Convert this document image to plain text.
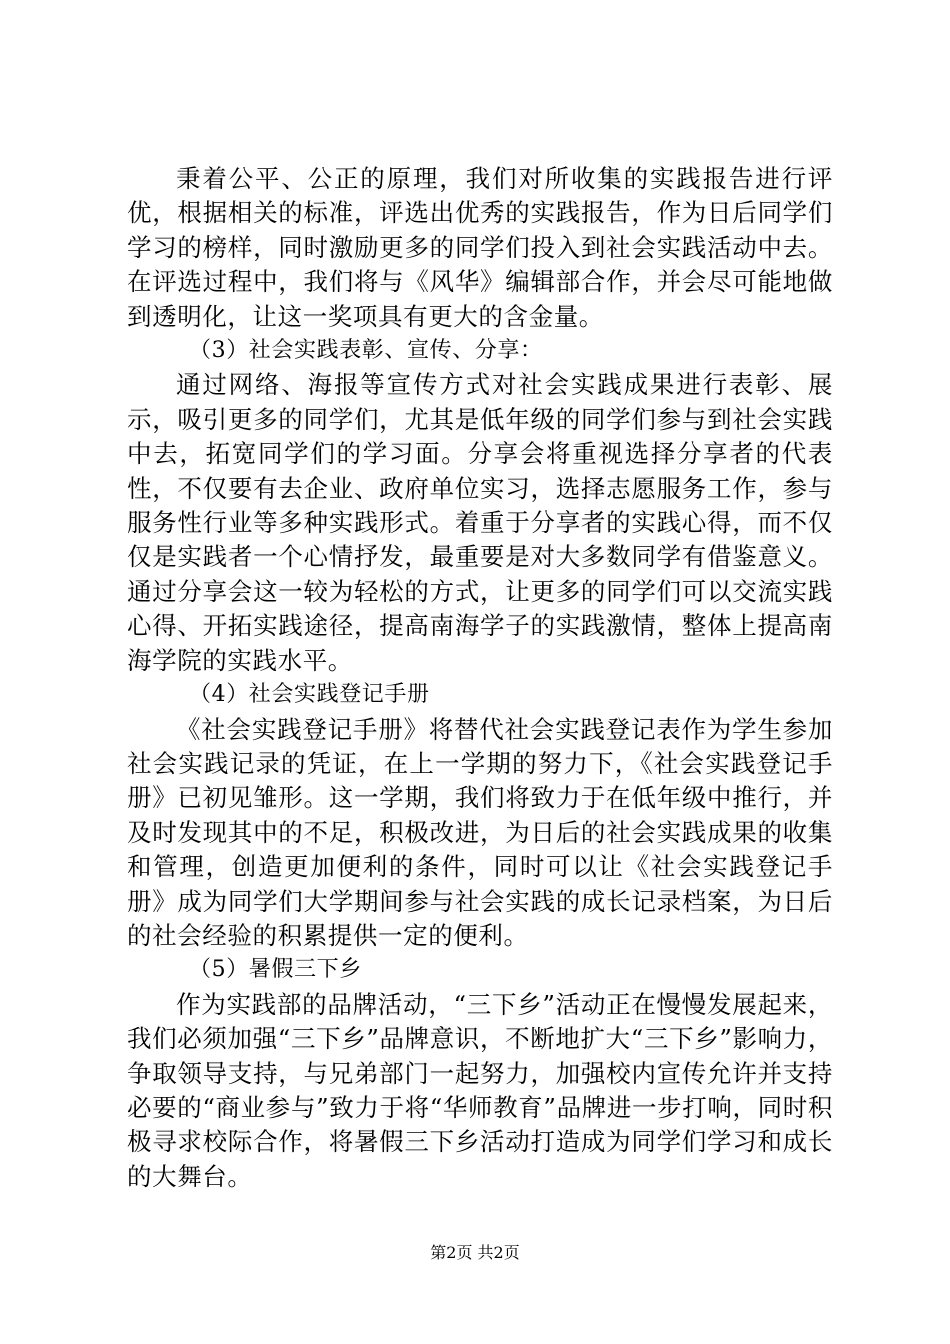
秉着公平、公正的原理，我们对所收集的实践报告进行评优，根据相关的标准，评选出优秀的实践报告，作为日后同学们学习的榜样，同时激励更多的同学们投入到社会实践活动中去。在评选过程中，我们将与《风华》编辑部合作，并会尽可能地做到透明化，让这一奖项具有更大的含金量。

（3）社会实践表彰、宣传、分享：

通过网络、海报等宣传方式对社会实践成果进行表彰、展示，吸引更多的同学们，尤其是低年级的同学们参与到社会实践中去，拓宽同学们的学习面。分享会将重视选择分享者的代表性，不仅要有去企业、政府单位实习，选择志愿服务工作，参与服务性行业等多种实践形式。着重于分享者的实践心得，而不仅仅是实践者一个心情抒发，最重要是对大多数同学有借鉴意义。通过分享会这一较为轻松的方式，让更多的同学们可以交流实践心得、开拓实践途径，提高南海学子的实践激情，整体上提高南海学院的实践水平。

（4）社会实践登记手册

《社会实践登记手册》将替代社会实践登记表作为学生参加社会实践记录的凭证，在上一学期的努力下，《社会实践登记手册》已初见雏形。这一学期，我们将致力于在低年级中推行，并及时发现其中的不足，积极改进，为日后的社会实践成果的收集和管理，创造更加便利的条件，同时可以让《社会实践登记手册》成为同学们大学期间参与社会实践的成长记录档案，为日后的社会经验的积累提供一定的便利。

（5）暑假三下乡

作为实践部的品牌活动，“三下乡”活动正在慢慢发展起来，我们必须加强“三下乡”品牌意识，不断地扩大“三下乡”影响力，争取领导支持，与兄弟部门一起努力，加强校内宣传允许并支持必要的“商业参与”致力于将“华师教育”品牌进一步打响，同时积极寻求校际合作，将暑假三下乡活动打造成为同学们学习和成长的大舞台。

第2页 共2页
